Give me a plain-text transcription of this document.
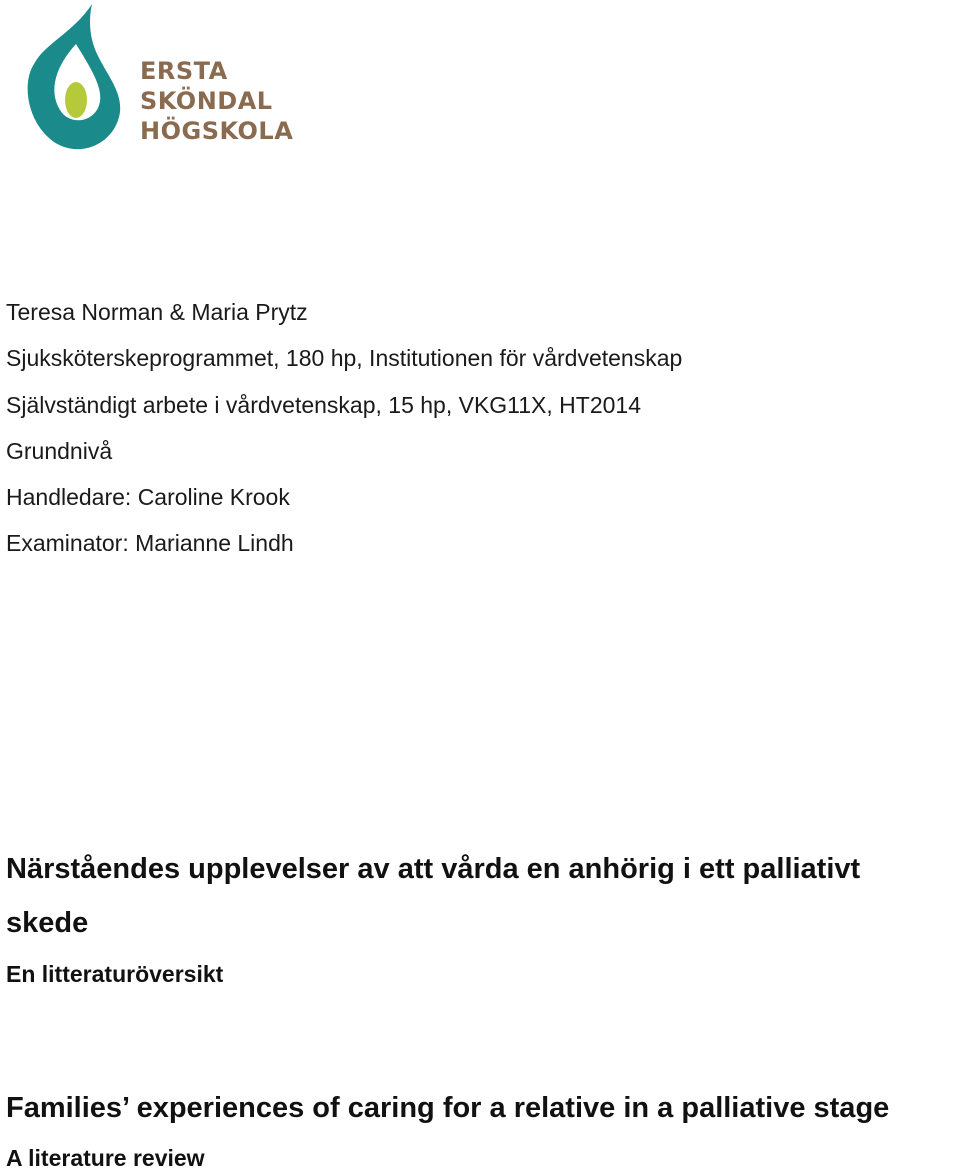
ERSTA
SKÖNDAL
HÖGSKOLA
Teresa Norman & Maria Prytz
Sjuksköterskeprogrammet, 180 hp, Institutionen för vårdvetenskap
Självständigt arbete i vårdvetenskap, 15 hp, VKG11X, HT2014
Grundnivå
Handledare: Caroline Krook
Examinator: Marianne Lindh
Närståendes upplevelser av att vårda en anhörig i ett palliativt
skede
En litteraturöversikt
Families’ experiences of caring for a relative in a palliative stage
A literature review
